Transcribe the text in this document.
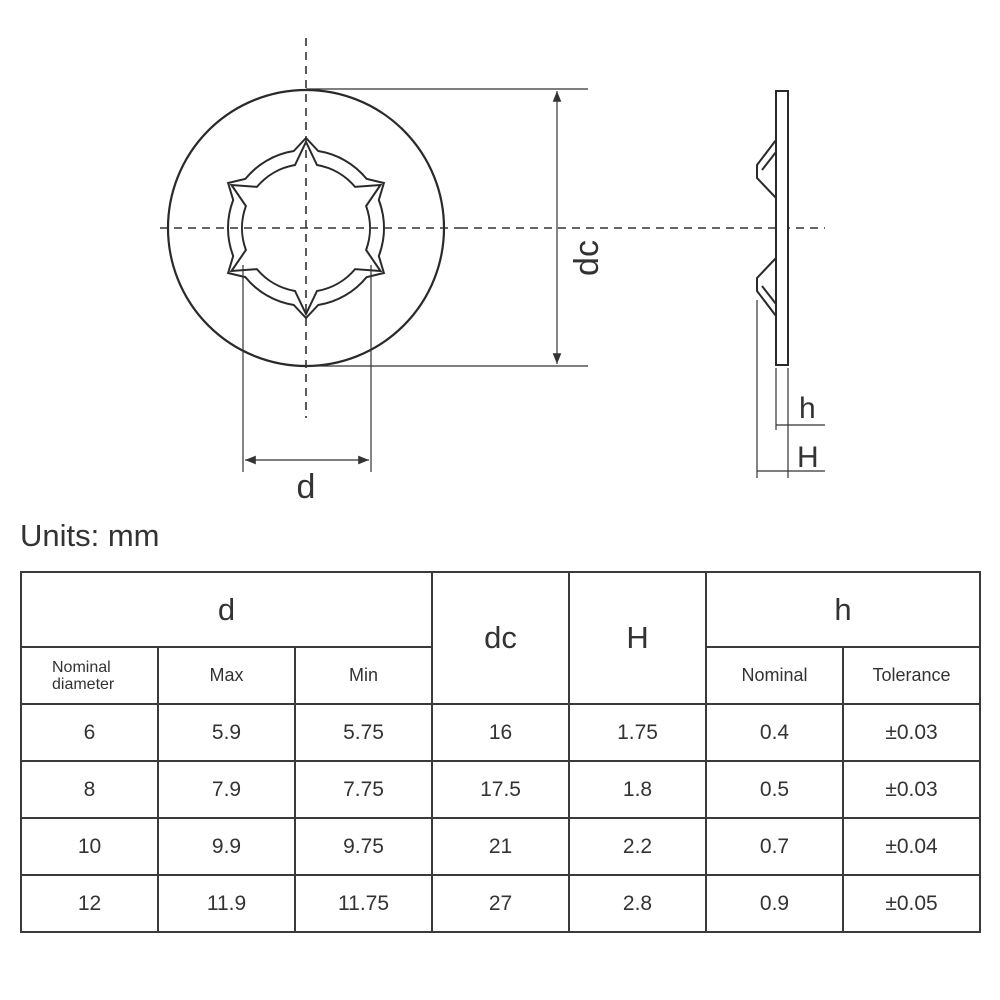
dc
d
h
H
Units: mm
d			dc	H	h	
Nominal diameter	Max	Min			Nominal	Tolerance
6	5.9	5.75	16	1.75	0.4	±0.03
8	7.9	7.75	17.5	1.8	0.5	±0.03
10	9.9	9.75	21	2.2	0.7	±0.04
12	11.9	11.75	27	2.8	0.9	±0.05
